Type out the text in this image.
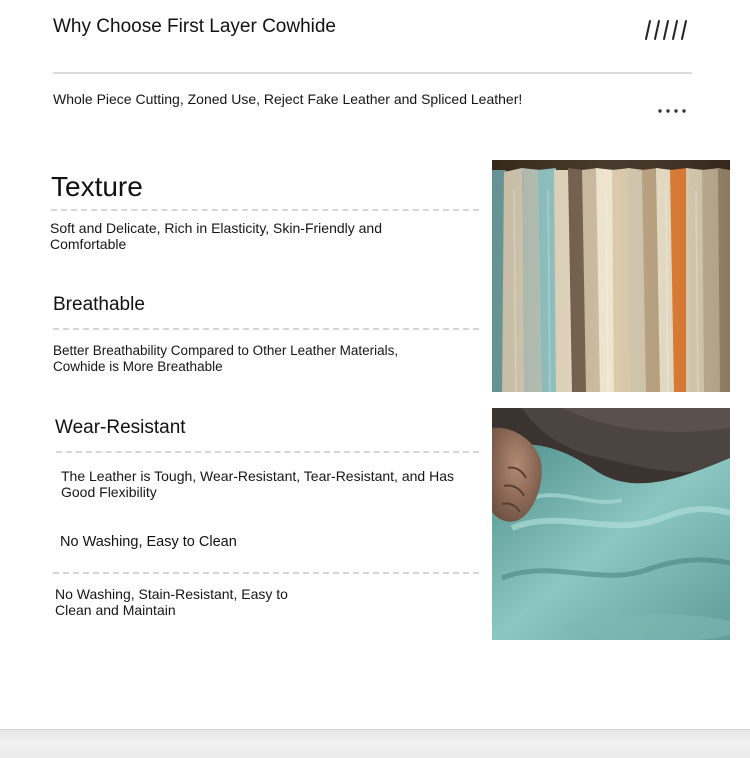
Why Choose First Layer Cowhide
Whole Piece Cutting, Zoned Use, Reject Fake Leather and Spliced Leather!
Texture
Soft and Delicate, Rich in Elasticity, Skin-Friendly and Comfortable
Breathable
Better Breathability Compared to Other Leather Materials, Cowhide is More Breathable
Wear-Resistant
The Leather is Tough, Wear-Resistant, Tear-Resistant, and Has Good Flexibility
No Washing, Easy to Clean
No Washing, Stain-Resistant, Easy to Clean and Maintain
